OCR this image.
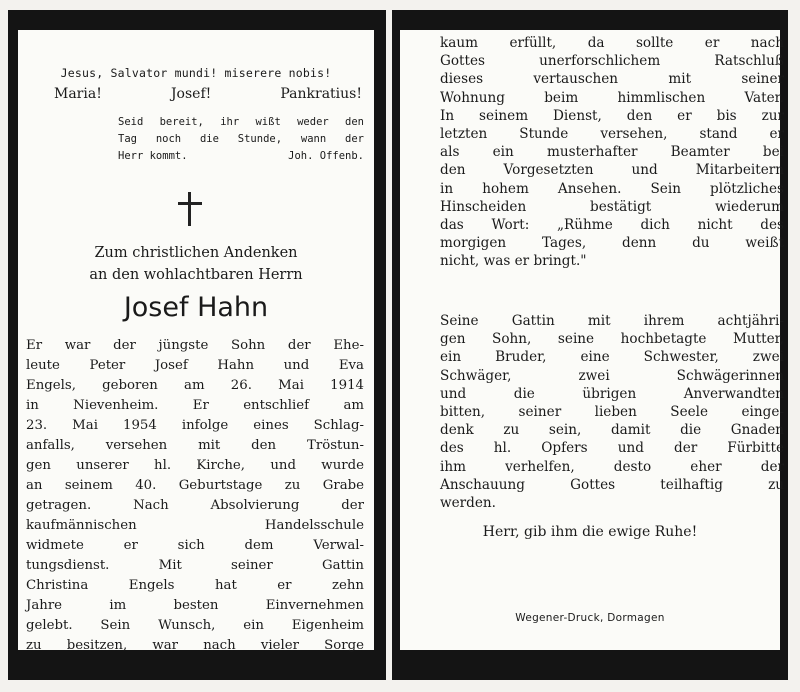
Jesus, Salvator mundi! miserere nobis!
Maria!	Josef!	Pankratius!
Seid bereit, ihr wißt weder den
Tag noch die Stunde, wann der
Herr kommt.	Joh. Offenb.
Zum christlichen Andenken
an den wohlachtbaren Herrn
Josef Hahn
Er war der jüngste Sohn der Ehe-
leute Peter Josef Hahn und Eva
Engels, geboren am 26. Mai 1914
in Nievenheim. Er entschlief am
23. Mai 1954 infolge eines Schlag-
anfalls, versehen mit den Tröstun-
gen unserer hl. Kirche, und wurde
an seinem 40. Geburtstage zu Grabe
getragen. Nach Absolvierung der
kaufmännischen Handelsschule
widmete er sich dem Verwal-
tungsdienst. Mit seiner Gattin
Christina Engels hat er zehn
Jahre im besten Einvernehmen
gelebt. Sein Wunsch, ein Eigenheim
zu besitzen, war nach vieler Sorge
kaum erfüllt, da sollte er nach
Gottes unerforschlichem Ratschluß
dieses vertauschen mit seiner
Wohnung beim himmlischen Vater.
In seinem Dienst, den er bis zur
letzten Stunde versehen, stand er
als ein musterhafter Beamter bei
den Vorgesetzten und Mitarbeitern
in hohem Ansehen. Sein plötzliches
Hinscheiden bestätigt wiederum
das Wort: „Rühme dich nicht des
morgigen Tages, denn du weißt
nicht, was er bringt."
Seine Gattin mit ihrem achtjähri-
gen Sohn, seine hochbetagte Mutter,
ein Bruder, eine Schwester, zwei
Schwäger, zwei Schwägerinnen
und die übrigen Anverwandten
bitten, seiner lieben Seele einge-
denk zu sein, damit die Gnaden
des hl. Opfers und der Fürbitte
ihm verhelfen, desto eher der
Anschauung Gottes teilhaftig zu
werden.
Herr, gib ihm die ewige Ruhe!
Wegener-Druck, Dormagen
